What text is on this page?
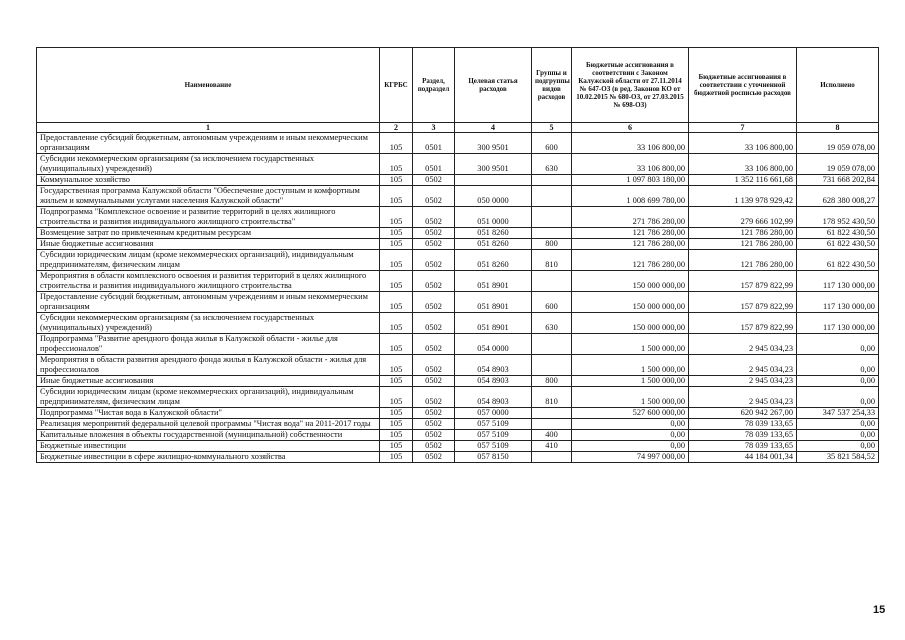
Наименование	КГРБС	Раздел, подраздел	Целевая статья расходов	Группы и подгруппы видов расходов	Бюджетные ассигнования в соответствии с Законом Калужской области от 27.11.2014 № 647-ОЗ (в ред. Законов КО от 10.02.2015 № 680-ОЗ, от 27.03.2015 № 698-ОЗ)	Бюджетные ассигнования в соответствии с уточненной бюджетной росписью расходов	Исполнено
1	2	3	4	5	6	7	8
Предоставление субсидий бюджетным, автономным учреждениям и иным некоммерческим организациям	105	0501	300 9501	600	33 106 800,00	33 106 800,00	19 059 078,00
Субсидии некоммерческим организациям (за исключением государственных (муниципальных) учреждений)	105	0501	300 9501	630	33 106 800,00	33 106 800,00	19 059 078,00
Коммунальное хозяйство	105	0502			1 097 803 180,00	1 352 116 661,68	731 668 202,84
Государственная программа Калужской области "Обеспечение доступным и комфортным жильем и коммунальными услугами населения Калужской области"	105	0502	050 0000		1 008 699 780,00	1 139 978 929,42	628 380 008,27
Подпрограмма "Комплексное освоение и развитие территорий в целях жилищного строительства и развития индивидуального жилищного строительства"	105	0502	051 0000		271 786 280,00	279 666 102,99	178 952 430,50
Возмещение затрат по привлеченным кредитным ресурсам	105	0502	051 8260		121 786 280,00	121 786 280,00	61 822 430,50
Иные бюджетные ассигнования	105	0502	051 8260	800	121 786 280,00	121 786 280,00	61 822 430,50
Субсидии юридическим лицам (кроме некоммерческих организаций), индивидуальным предпринимателям, физическим лицам	105	0502	051 8260	810	121 786 280,00	121 786 280,00	61 822 430,50
Мероприятия в области комплексного освоения и развития территорий в целях жилищного строительства и развития индивидуального жилищного строительства	105	0502	051 8901		150 000 000,00	157 879 822,99	117 130 000,00
Предоставление субсидий бюджетным, автономным учреждениям и иным некоммерческим организациям	105	0502	051 8901	600	150 000 000,00	157 879 822,99	117 130 000,00
Субсидии некоммерческим организациям (за исключением государственных (муниципальных) учреждений)	105	0502	051 8901	630	150 000 000,00	157 879 822,99	117 130 000,00
Подпрограмма "Развитие арендного фонда жилья в Калужской области - жилье для профессионалов"	105	0502	054 0000		1 500 000,00	2 945 034,23	0,00
Мероприятия в области развития арендного фонда жилья в Калужской области - жилья для профессионалов	105	0502	054 8903		1 500 000,00	2 945 034,23	0,00
Иные бюджетные ассигнования	105	0502	054 8903	800	1 500 000,00	2 945 034,23	0,00
Субсидии юридическим лицам (кроме некоммерческих организаций), индивидуальным предпринимателям, физическим лицам	105	0502	054 8903	810	1 500 000,00	2 945 034,23	0,00
Подпрограмма "Чистая вода в Калужской области"	105	0502	057 0000		527 600 000,00	620 942 267,00	347 537 254,33
Реализация мероприятий федеральной целевой программы "Чистая вода" на 2011-2017 годы	105	0502	057 5109		0,00	78 039 133,65	0,00
Капитальные вложения в объекты государственной (муниципальной) собственности	105	0502	057 5109	400	0,00	78 039 133,65	0,00
Бюджетные инвестиции	105	0502	057 5109	410	0,00	78 039 133,65	0,00
Бюджетные инвестиции в сфере жилищно-коммунального хозяйства	105	0502	057 8150		74 997 000,00	44 184 001,34	35 821 584,52
15
